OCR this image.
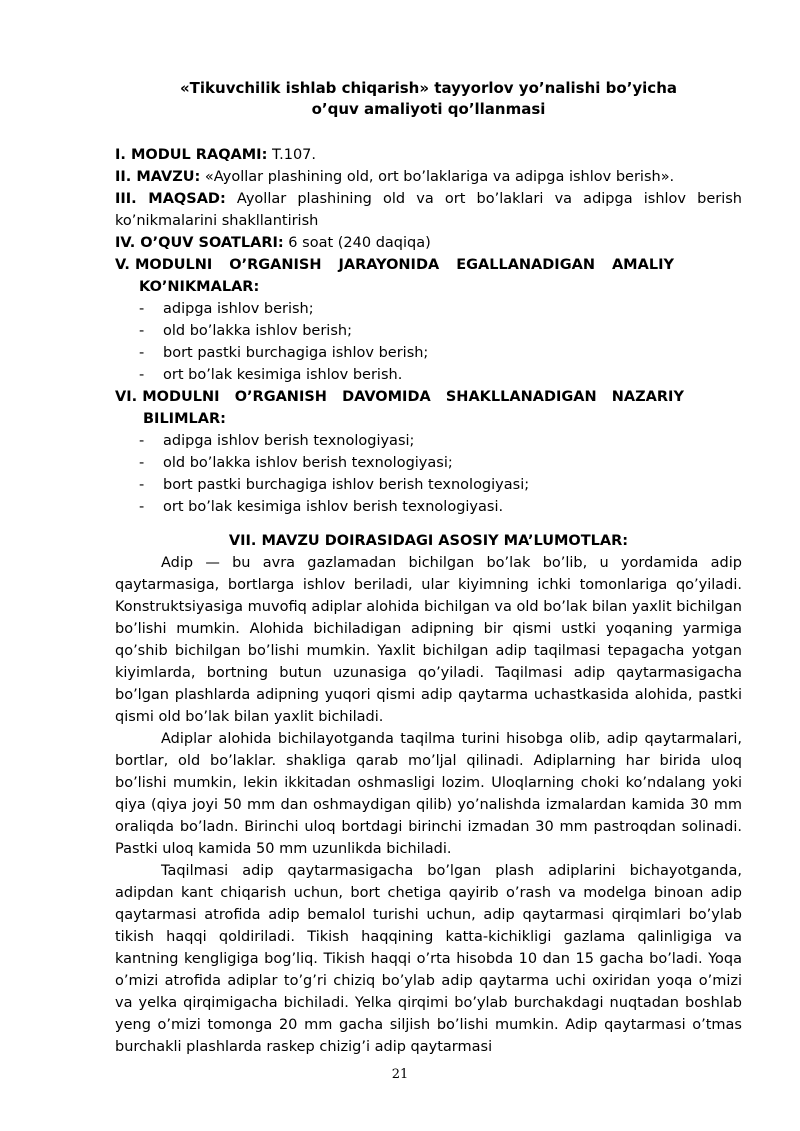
«Tikuvchilik ishlab chiqarish» tayyorlov yo’nalishi bo’yicha
o’quv amaliyoti qo’llanmasi
I. MODUL RAQAMI: T.107.
II. MAVZU: «Ayollar plashining old, ort bo’laklariga va adipga ishlov berish».
III. MAQSAD: Ayollar plashining old va ort bo’laklari va adipga ishlov berish ko’nikmalarini shakllantirish
IV. O’QUV SOATLARI: 6 soat (240 daqiqa)
V. MODULNI O’RGANISH JARAYONIDA EGALLANADIGAN AMALIY
KO’NIKMALAR:
- adipga ishlov berish;
- old bo’lakka ishlov berish;
- bort pastki burchagiga ishlov berish;
- ort bo’lak kesimiga ishlov berish.
VI. MODULNI O’RGANISH DAVOMIDA SHAKLLANADIGAN NAZARIY
BILIMLAR:
- adipga ishlov berish texnologiyasi;
- old bo’lakka ishlov berish texnologiyasi;
- bort pastki burchagiga ishlov berish texnologiyasi;
- ort bo’lak kesimiga ishlov berish texnologiyasi.
VII. MAVZU DOIRASIDAGI ASOSIY MA’LUMOTLAR:

Adip — bu avra gazlamadan bichilgan bo’lak bo’lib, u yordamida adip qaytarmasiga, bortlarga ishlov beriladi, ular kiyimning ichki tomonlariga qo’yiladi. Konstruktsiyasiga muvofiq adiplar alohida bichilgan va old bo’lak bilan yaxlit bichilgan bo’lishi mumkin. Alohida bichiladigan adipning bir qismi ustki yoqaning yarmiga qo’shib bichilgan bo’lishi mumkin. Yaxlit bichilgan adip taqilmasi tepagacha yotgan kiyimlarda, bortning butun uzunasiga qo’yiladi. Taqilmasi adip qaytarmasigacha bo’lgan plashlarda adipning yuqori qismi adip qaytarma uchastkasida alohida, pastki qismi old bo’lak bilan yaxlit bichiladi.

Adiplar alohida bichilayotganda taqilma turini hisobga olib, adip qaytarmalari, bortlar, old bo’laklar. shakliga qarab mo’ljal qilinadi. Adiplarning har birida uloq bo’lishi mumkin, lekin ikkitadan oshmasligi lozim. Uloqlarning choki ko’ndalang yoki qiya (qiya joyi 50 mm dan oshmaydigan qilib) yo’nalishda izmalardan kamida 30 mm oraliqda bo’ladn. Birinchi uloq bortdagi birinchi izmadan 30 mm pastroqdan solinadi. Pastki uloq kamida 50 mm uzunlikda bichiladi.

Taqilmasi adip qaytarmasigacha bo’lgan plash adiplarini bichayotganda, adipdan kant chiqarish uchun, bort chetiga qayirib o’rash va modelga binoan adip qaytarmasi atrofida adip bemalol turishi uchun, adip qaytarmasi qirqimlari bo’ylab tikish haqqi qoldiriladi. Tikish haqqining katta-kichikligi gazlama qalinligiga va kantning kengligiga bog’liq. Tikish haqqi o’rta hisobda 10 dan 15 gacha bo’ladi. Yoqa o’mizi atrofida adiplar to’g’ri chiziq bo’ylab adip qaytarma uchi oxiridan yoqa o’mizi va yelka qirqimigacha bichiladi. Yelka qirqimi bo’ylab burchakdagi nuqtadan boshlab yeng o’mizi tomonga 20 mm gacha siljish bo’lishi mumkin. Adip qaytarmasi o’tmas burchakli plashlarda raskep chizig’i adip qaytarmasi

21
